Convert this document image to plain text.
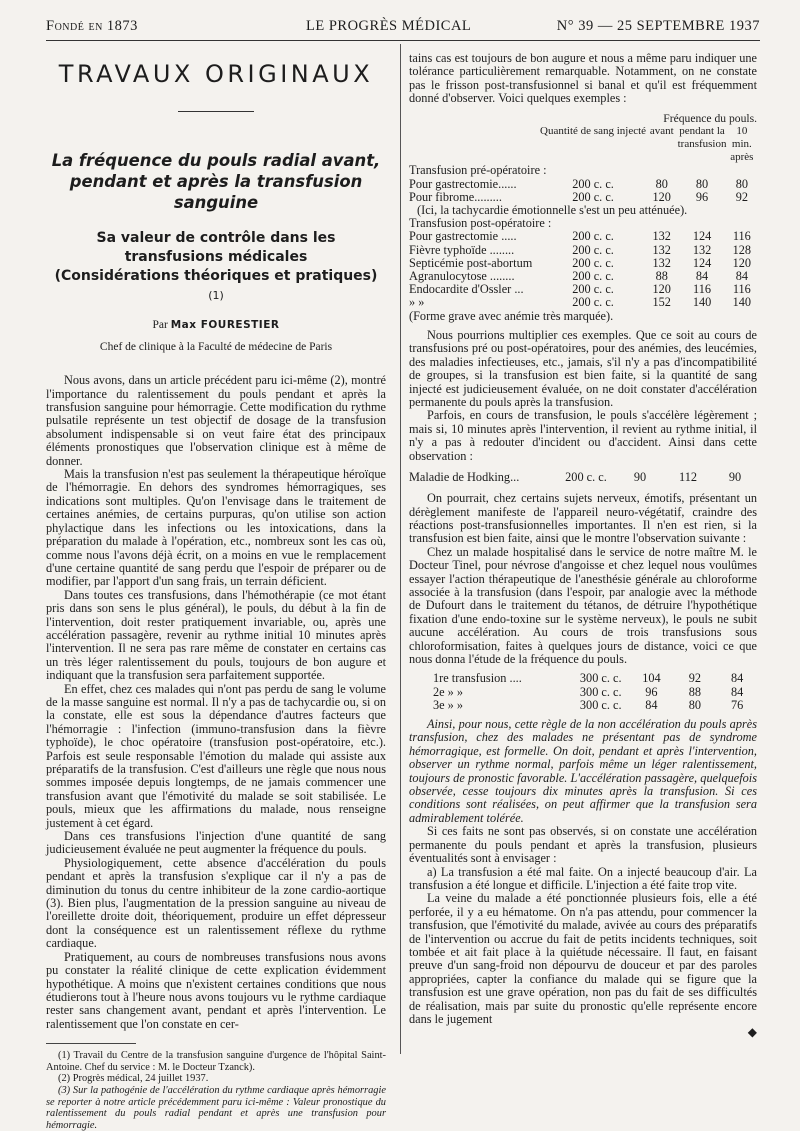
Fondé en 1873	LE PROGRÈS MÉDICAL	N° 39 — 25 SEPTEMBRE 1937
TRAVAUX ORIGINAUX
La fréquence du pouls radial avant,
pendant et après la transfusion sanguine
Sa valeur de contrôle dans les transfusions médicales
(Considérations théoriques et pratiques) (1)
Par Max FOURESTIER
Chef de clinique à la Faculté de médecine de Paris

Nous avons, dans un article précédent paru ici-même (2), montré l'importance du ralentissement du pouls pendant et après la transfusion sanguine pour hémorragie. Cette modification du rythme pulsatile représente un test objectif de dosage de la transfusion absolument indispensable si on veut faire état des principaux éléments pronostiques que l'observation clinique est à même de donner.

Mais la transfusion n'est pas seulement la thérapeutique héroïque de l'hémorragie. En dehors des syndromes hémorragiques, ses indications sont multiples. Qu'on l'envisage dans le traitement de certaines anémies, de certains purpuras, qu'on utilise son action phylactique dans les infections ou les intoxications, dans la préparation du malade à l'opération, etc., nombreux sont les cas où, comme nous l'avons déjà écrit, on a moins en vue le remplacement d'une certaine quantité de sang perdu que l'espoir de préparer ou de modifier, par l'apport d'un sang frais, un terrain déficient.

Dans toutes ces transfusions, dans l'hémothérapie (ce mot étant pris dans son sens le plus général), le pouls, du début à la fin de l'intervention, doit rester pratiquement invariable, ou, après une accélération passagère, revenir au rythme initial 10 minutes après l'intervention. Il ne sera pas rare même de constater en certains cas un très léger ralentissement du pouls, toujours de bon augure et indiquant que la transfusion sera parfaitement supportée.

En effet, chez ces malades qui n'ont pas perdu de sang le volume de la masse sanguine est normal. Il n'y a pas de tachycardie ou, si on la constate, elle est sous la dépendance d'autres facteurs que l'hémorragie : l'infection (immuno-transfusion dans la fièvre typhoïde), le choc opératoire (transfusion post-opératoire, etc.). Parfois est seule responsable l'émotion du malade qui assiste aux préparatifs de la transfusion. C'est d'ailleurs une règle que nous nous sommes imposée depuis longtemps, de ne jamais commencer une transfusion avant que l'émotivité du malade se soit stabilisée. Le pouls, mieux que les affirmations du malade, nous renseigne justement à cet égard.

Dans ces transfusions l'injection d'une quantité de sang judicieusement évaluée ne peut augmenter la fréquence du pouls.

Physiologiquement, cette absence d'accélération du pouls pendant et après la transfusion s'explique car il n'y a pas de diminution du tonus du centre inhibiteur de la zone cardio-aortique (3). Bien plus, l'augmentation de la pression sanguine au niveau de l'oreillette droite doit, théoriquement, produire un effet dépresseur dont la conséquence est un ralentissement réflexe du rythme cardiaque.

Pratiquement, au cours de nombreuses transfusions nous avons pu constater la réalité clinique de cette explication évidemment hypothétique. A moins que n'existent certaines conditions que nous étudierons tout à l'heure nous avons toujours vu le rythme cardiaque rester sans changement avant, pendant et après l'intervention. Le ralentissement que l'on constate en cer-

(1) Travail du Centre de la transfusion sanguine d'urgence de l'hôpital Saint-Antoine. Chef du service : M. le Docteur Tzanck).

(2) Progrès médical, 24 juillet 1937.

(3) Sur la pathogénie de l'accélération du rythme cardiaque après hémorragie se reporter à notre article précédemment paru ici-même : Valeur pronostique du ralentissement du pouls radial pendant et après une transfusion pour hémorragie.

tains cas est toujours de bon augure et nous a même paru indiquer une tolérance particulièrement remarquable. Notamment, on ne constate pas le frisson post-transfusionnel si banal et qu'il est fréquemment donné d'observer. Voici quelques exemples :

		Fréquence du pouls.		
	Quantité de sang injecté	avant	pendant la transfusion	10 min. après
Transfusion pré-opératoire :				
Pour gastrectomie......	200 c. c.	80	80	80
Pour fibrome.........	200 c. c.	120	96	92
(Ici, la tachycardie émotionnelle s'est un peu atténuée).				
Transfusion post-opératoire :				
Pour gastrectomie .....	200 c. c.	132	124	116
Fièvre typhoïde ........	200 c. c.	132	132	128
Septicémie post-abortum	200 c. c.	132	124	120
Agranulocytose ........	200 c. c.	88	84	84
Endocardite d'Ossler ...	200 c. c.	120	116	116
» »	200 c. c.	152	140	140
(Forme grave avec anémie très marquée).				

Nous pourrions multiplier ces exemples. Que ce soit au cours de transfusions pré ou post-opératoires, pour des anémies, des leucémies, des maladies infectieuses, etc., jamais, s'il n'y a pas d'incompatibilité de groupes, si la transfusion est bien faite, si la quantité de sang injecté est judicieusement évaluée, on ne doit constater d'accélération permanente du pouls après la transfusion.

Parfois, en cours de transfusion, le pouls s'accélère légèrement ; mais si, 10 minutes après l'intervention, il revient au rythme initial, il n'y a pas à redouter d'incident ou d'accident. Ainsi dans cette observation :

Maladie de Hodking...	200 c. c.	90	112	90

On pourrait, chez certains sujets nerveux, émotifs, présentant un dérèglement manifeste de l'appareil neuro-végétatif, craindre des réactions post-transfusionnelles importantes. Il n'en est rien, si la transfusion est bien faite, ainsi que le montre l'observation suivante :

Chez un malade hospitalisé dans le service de notre maître M. le Docteur Tinel, pour névrose d'angoisse et chez lequel nous voulûmes essayer l'action thérapeutique de l'anesthésie générale au chloroforme associée à la transfusion (dans l'espoir, par analogie avec la méthode de Dufourt dans le traitement du tétanos, de détruire l'hypothétique fixation d'une endo-toxine sur le système nerveux), le pouls ne subit aucune accélération. Au cours de trois transfusions sous chloroformisation, faites à quelques jours de distance, voici ce que nous donna l'étude de la fréquence du pouls.

1re transfusion ....	300 c. c.	104	92	84
2e » »	300 c. c.	96	88	84
3e » »	300 c. c.	84	80	76

Ainsi, pour nous, cette règle de la non accélération du pouls après transfusion, chez des malades ne présentant pas de syndrome hémorragique, est formelle. On doit, pendant et après l'intervention, observer un rythme normal, parfois même un léger ralentissement, toujours de pronostic favorable. L'accélération passagère, quelquefois observée, cesse toujours dix minutes après la transfusion. Si ces conditions sont réalisées, on peut affirmer que la transfusion sera admirablement tolérée.

Si ces faits ne sont pas observés, si on constate une accélération permanente du pouls pendant et après la transfusion, plusieurs éventualités sont à envisager :

a) La transfusion a été mal faite. On a injecté beaucoup d'air. La transfusion a été longue et difficile. L'injection a été faite trop vite.

La veine du malade a été ponctionnée plusieurs fois, elle a été perforée, il y a eu hématome. On n'a pas attendu, pour commencer la transfusion, que l'émotivité du malade, avivée au cours des préparatifs de l'intervention ou accrue du fait de petits incidents techniques, soit tombée et ait fait place à la quiétude nécessaire. Il faut, en faisant preuve d'un sang-froid non dépourvu de douceur et par des paroles appropriées, capter la confiance du malade qui se figure que la transfusion est une grave opération, non pas du fait de ses difficultés de réalisation, mais par suite du pronostic qu'elle représente encore dans le jugement

◆
